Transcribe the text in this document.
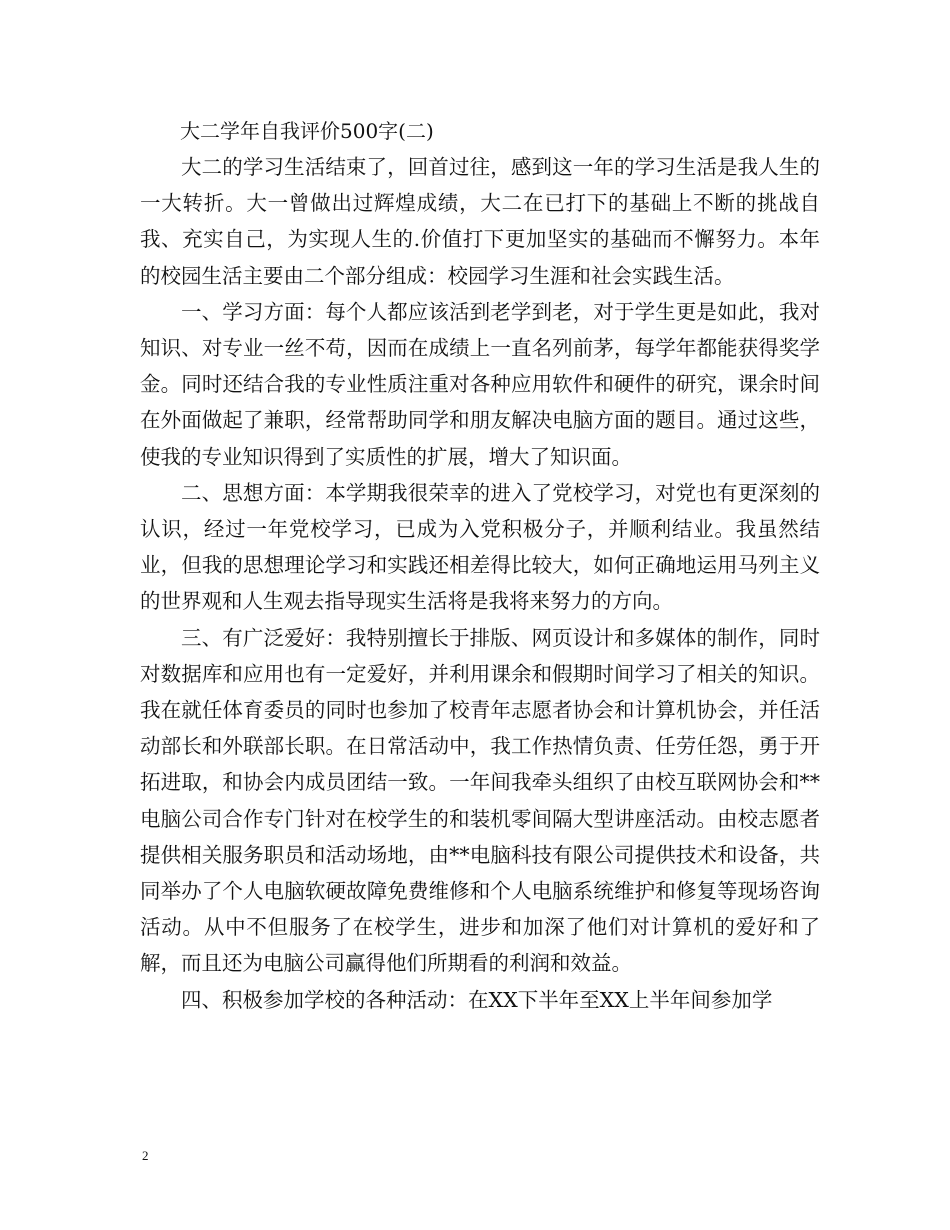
大二学年自我评价500字(二)

大二的学习生活结束了，回首过往，感到这一年的学习生活是我人生的一大转折。大一曾做出过辉煌成绩，大二在已打下的基础上不断的挑战自我、充实自己，为实现人生的.价值打下更加坚实的基础而不懈努力。本年的校园生活主要由二个部分组成：校园学习生涯和社会实践生活。

一、学习方面：每个人都应该活到老学到老，对于学生更是如此，我对知识、对专业一丝不苟，因而在成绩上一直名列前茅，每学年都能获得奖学金。同时还结合我的专业性质注重对各种应用软件和硬件的研究，课余时间在外面做起了兼职，经常帮助同学和朋友解决电脑方面的题目。通过这些，使我的专业知识得到了实质性的扩展，增大了知识面。

二、思想方面：本学期我很荣幸的进入了党校学习，对党也有更深刻的认识，经过一年党校学习，已成为入党积极分子，并顺利结业。我虽然结业，但我的思想理论学习和实践还相差得比较大，如何正确地运用马列主义的世界观和人生观去指导现实生活将是我将来努力的方向。

三、有广泛爱好：我特别擅长于排版、网页设计和多媒体的制作，同时对数据库和应用也有一定爱好，并利用课余和假期时间学习了相关的知识。我在就任体育委员的同时也参加了校青年志愿者协会和计算机协会，并任活动部长和外联部长职。在日常活动中，我工作热情负责、任劳任怨，勇于开拓进取，和协会内成员团结一致。一年间我牵头组织了由校互联网协会和**电脑公司合作专门针对在校学生的和装机零间隔大型讲座活动。由校志愿者提供相关服务职员和活动场地，由**电脑科技有限公司提供技术和设备，共同举办了个人电脑软硬故障免费维修和个人电脑系统维护和修复等现场咨询活动。从中不但服务了在校学生，进步和加深了他们对计算机的爱好和了解，而且还为电脑公司赢得他们所期看的利润和效益。

四、积极参加学校的各种活动：在XX下半年至XX上半年间参加学

2
